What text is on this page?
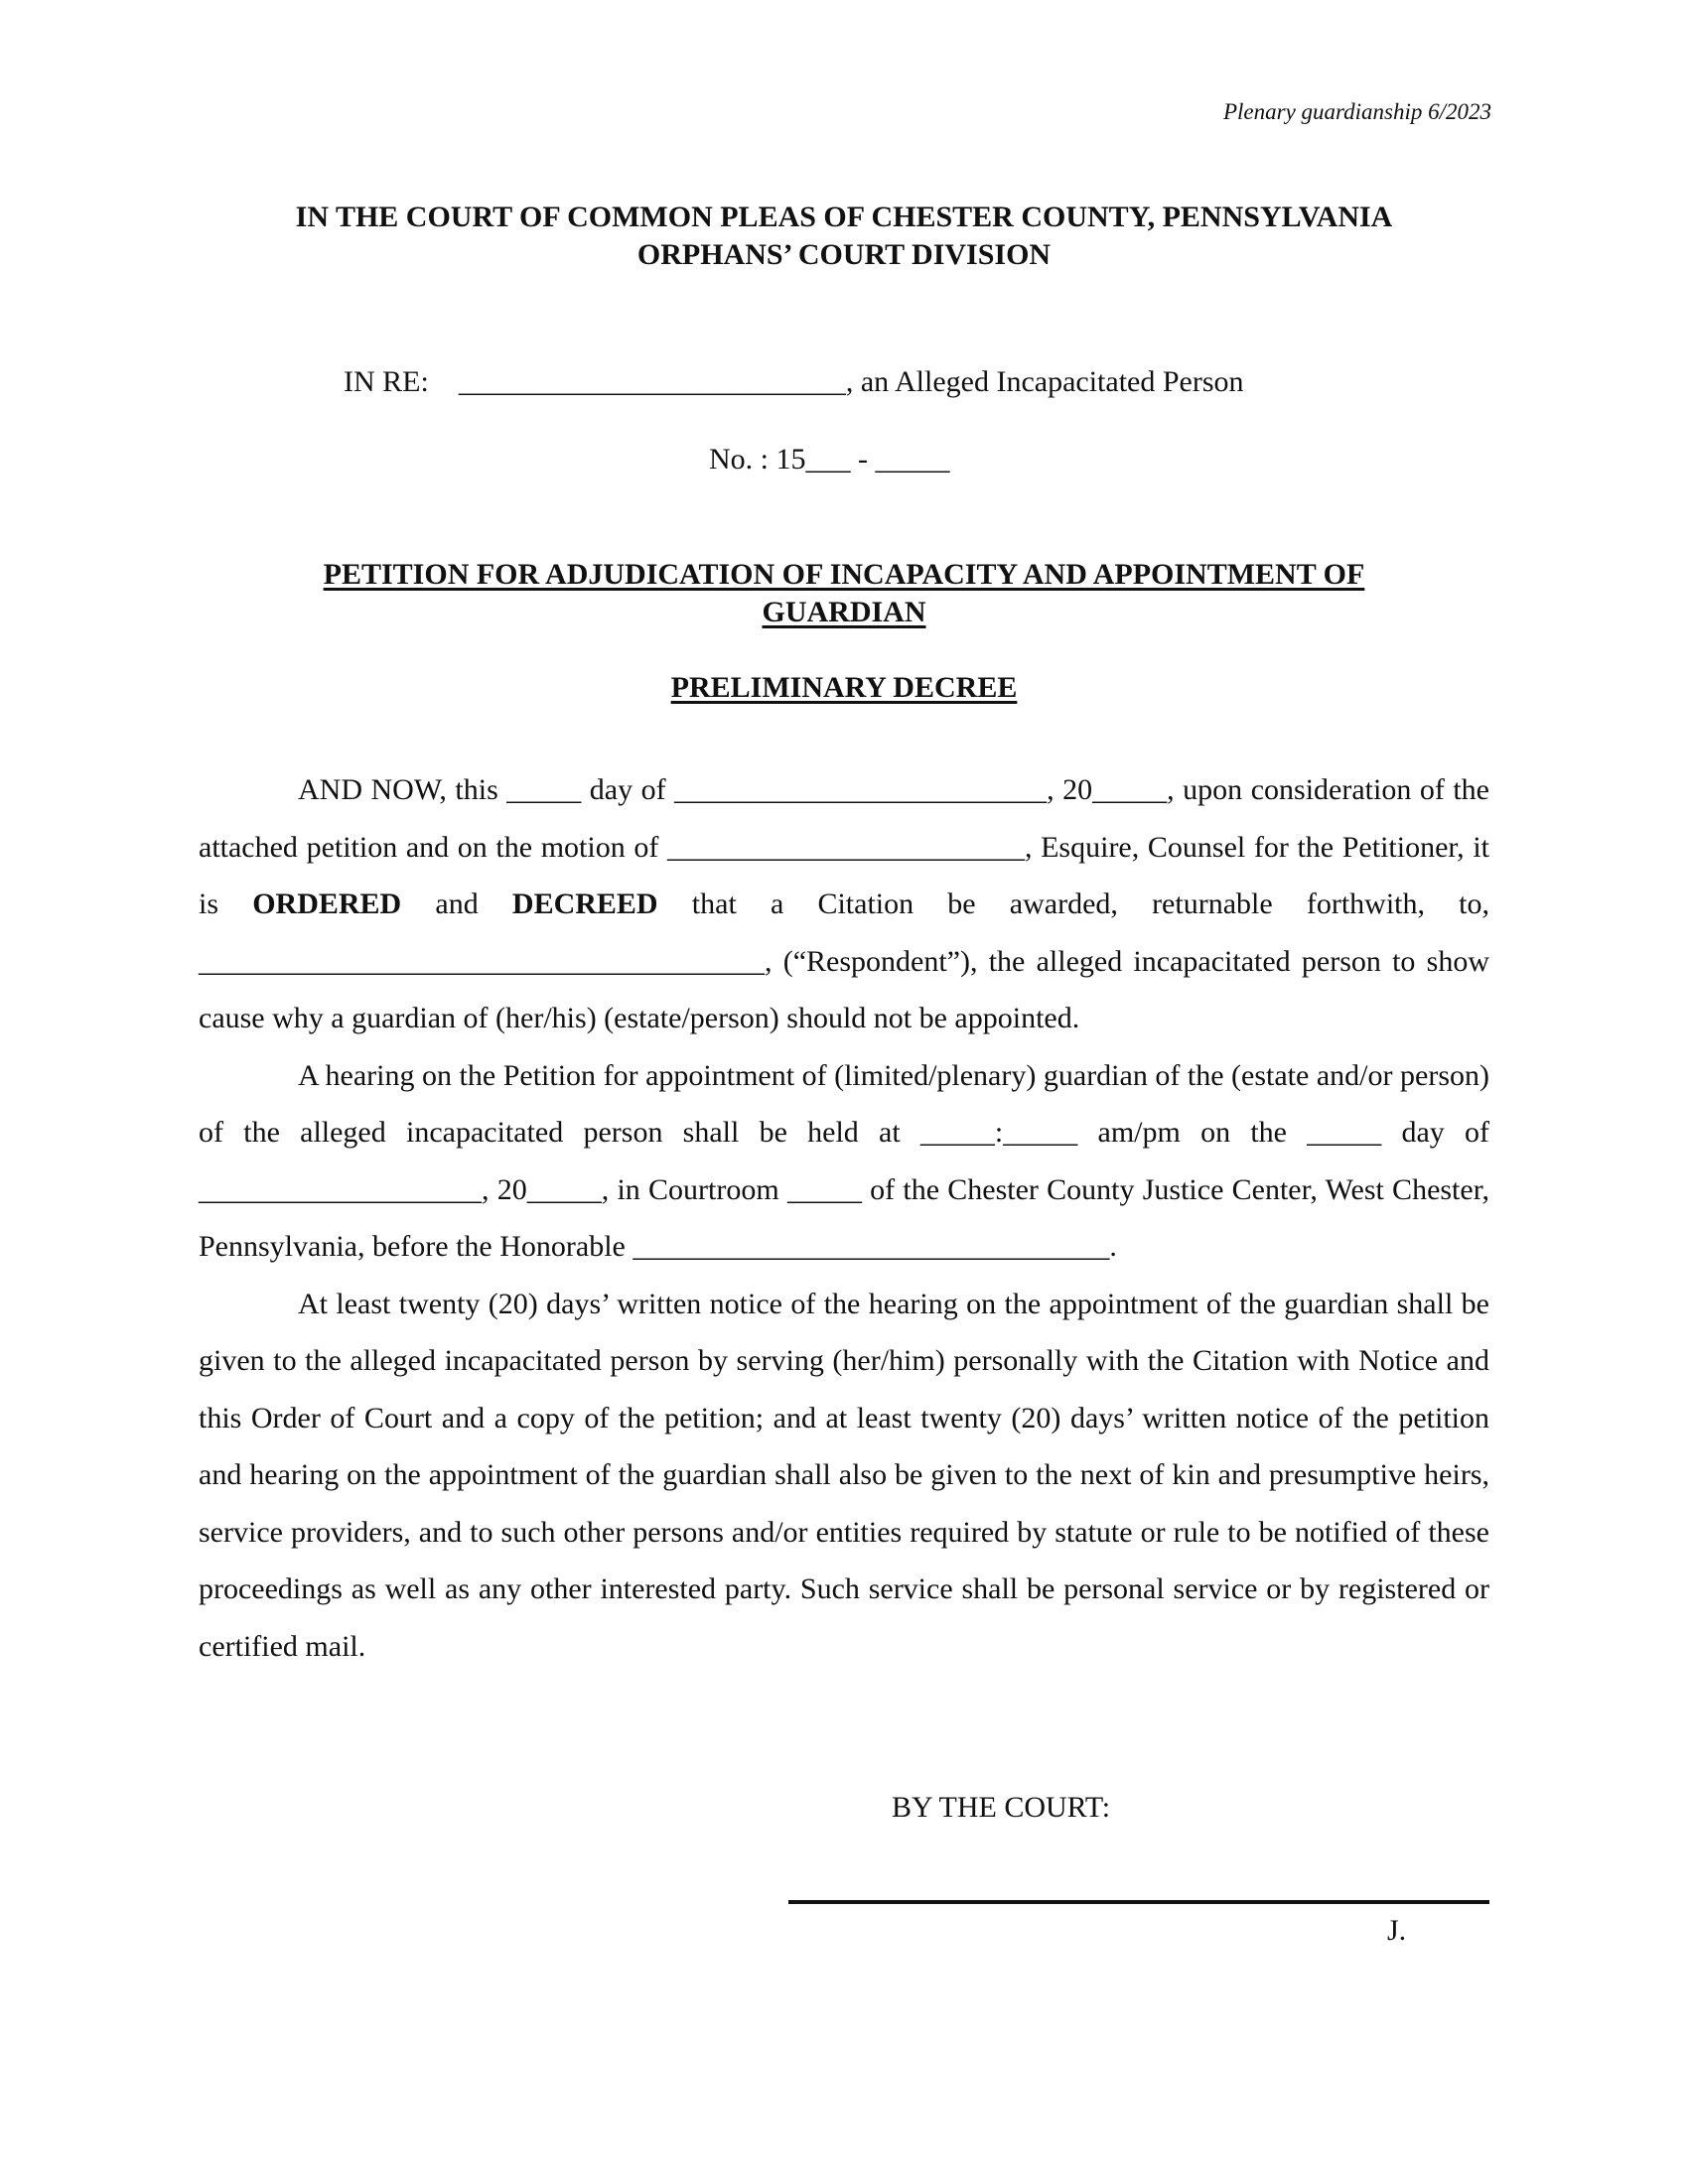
Plenary guardianship 6/2023
IN THE COURT OF COMMON PLEAS OF CHESTER COUNTY, PENNSYLVANIA
ORPHANS’ COURT DIVISION
IN RE: __________________________, an Alleged Incapacitated Person
No. : 15___ - _____
PETITION FOR ADJUDICATION OF INCAPACITY AND APPOINTMENT OF
GUARDIAN
PRELIMINARY DECREE

AND NOW, this _____ day of _________________________, 20_____, upon consideration of the attached petition and on the motion of ________________________, Esquire, Counsel for the Petitioner, it is ORDERED and DECREED that a Citation be awarded, returnable forthwith, to, ______________________________________, (“Respondent”), the alleged incapacitated person to show cause why a guardian of (her/his) (estate/person) should not be appointed.

A hearing on the Petition for appointment of (limited/plenary) guardian of the (estate and/or person) of the alleged incapacitated person shall be held at _____:_____ am/pm on the _____ day of ___________________, 20_____, in Courtroom _____ of the Chester County Justice Center, West Chester, Pennsylvania, before the Honorable ________________________________.

At least twenty (20) days’ written notice of the hearing on the appointment of the guardian shall be given to the alleged incapacitated person by serving (her/him) personally with the Citation with Notice and this Order of Court and a copy of the petition; and at least twenty (20) days’ written notice of the petition and hearing on the appointment of the guardian shall also be given to the next of kin and presumptive heirs, service providers, and to such other persons and/or entities required by statute or rule to be notified of these proceedings as well as any other interested party. Such service shall be personal service or by registered or certified mail.

BY THE COURT:
J.
